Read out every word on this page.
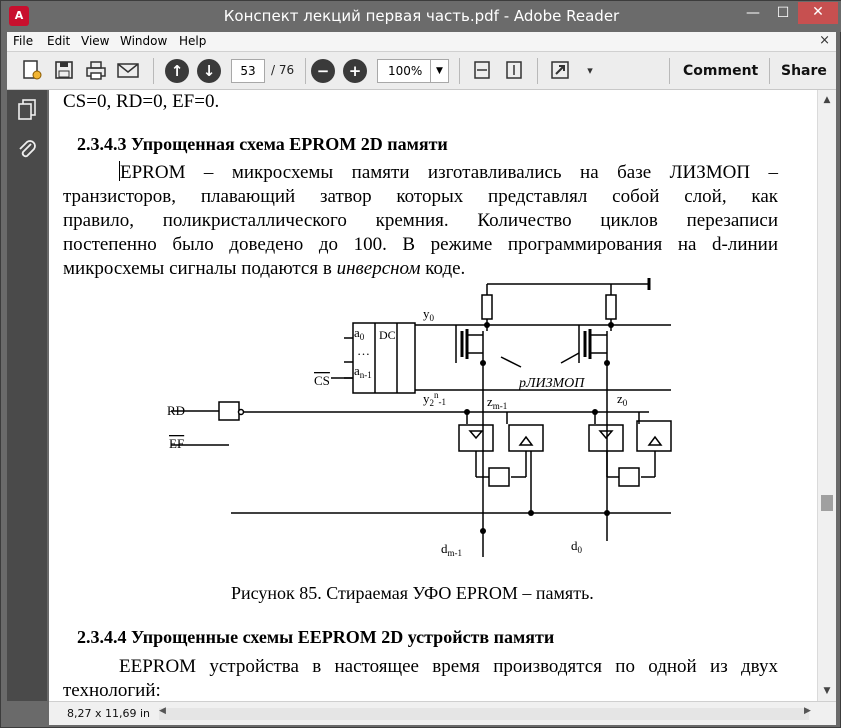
A	Конспект лекций первая часть.pdf - Adobe Reader	—	☐	✕
File Edit View Window Help	×
↑	↓	53	/ 76	−	+	100%	▼	▾	Comment Share
CS=0, RD=0, EF=0.
2.3.4.3 Упрощенная схема EPROM 2D памяти
EPROM – микросхемы памяти изготавливались на базе ЛИЗМОП –
транзисторов, плавающий затвор которых представлял собой слой, как
правило, поликристаллического кремния. Количество циклов перезаписи
постепенно было доведено до 100. В режиме программирования на d-линии
микросхемы сигналы подаются в инверсном коде.
DC
$a_0$
…
$a_{n-1}$
CS
RD
EF
$y_0$
$y_2^n_{-1}$	$z_{m-1}$	$z_0$
pЛИЗМОП
$d_{m-1}$	$d_0$
Рисунок 85. Стираемая УФО EPROM – память.
2.3.4.4 Упрощенные схемы EEPROM 2D устройств памяти
EEPROM устройства в настоящее время производятся по одной из двух
технологий:
▲
▼
8,27 x 11,69 in ◀	▶
